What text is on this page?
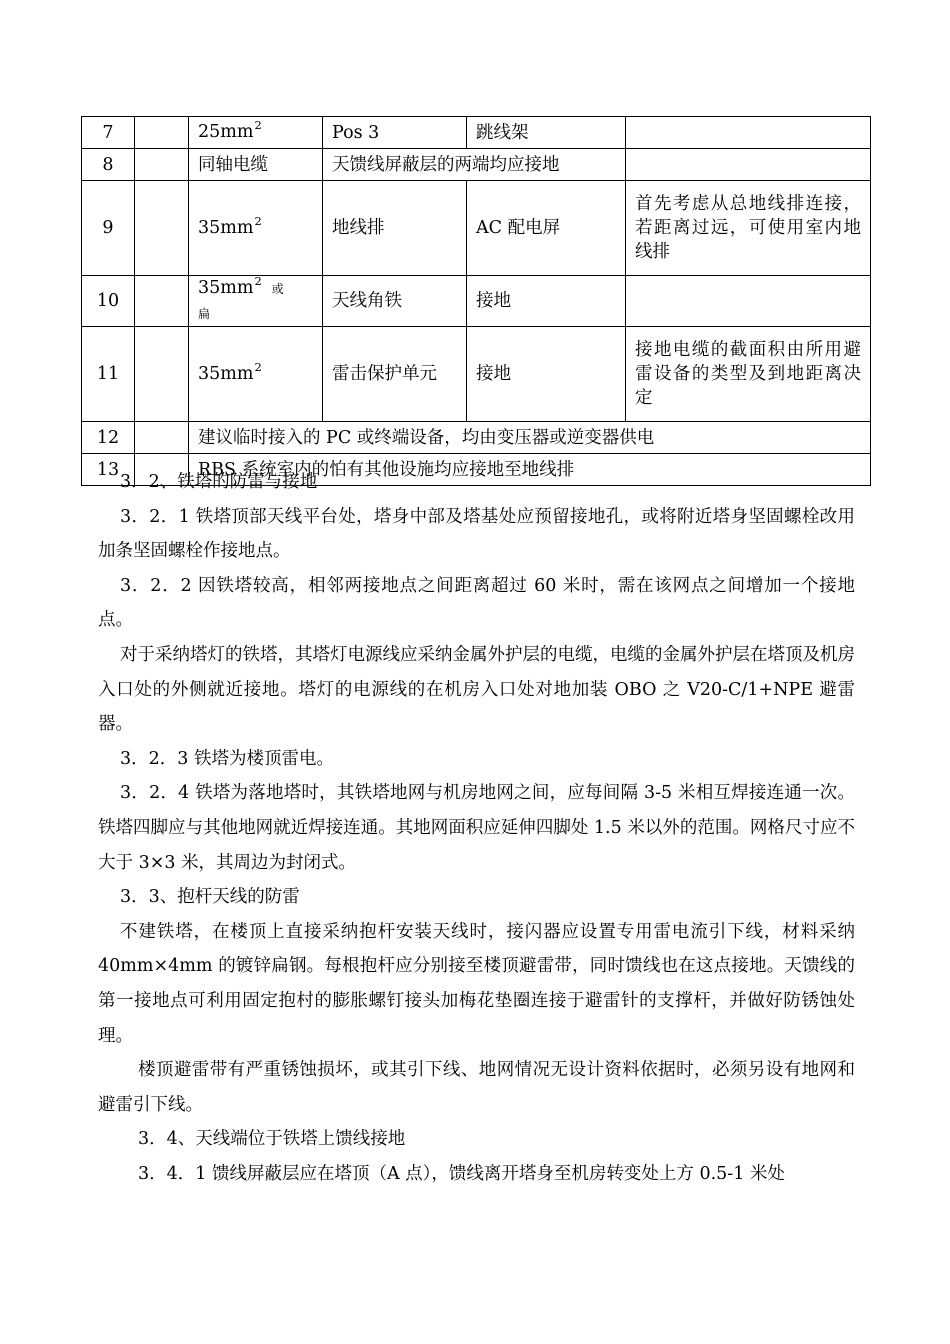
7		$25mm^2$	Pos 3	跳线架	
8		同轴电缆	天馈线屏蔽层的两端均应接地		
9		$35mm^2$	地线排	AC 配电屏	首先考虑从总地线排连接，若距离过远，可使用室内地线排
10		$35mm^2$或 扁	天线角铁	接地	
11		$35mm^2$	雷击保护单元	接地	接地电缆的截面积由所用避雷设备的类型及到地距离决定
12		建议临时接入的 PC 或终端设备，均由变压器或逆变器供电			
13		RBS 系统室内的怕有其他设施均应接地至地线排			

3．2、铁塔的防雷与接地

3．2．1 铁塔顶部天线平台处，塔身中部及塔基处应预留接地孔，或将附近塔身坚固螺栓改用加条坚固螺栓作接地点。

3．2．2 因铁塔较高，相邻两接地点之间距离超过 60 米时，需在该网点之间增加一个接地点。

对于采纳塔灯的铁塔，其塔灯电源线应采纳金属外护层的电缆，电缆的金属外护层在塔顶及机房入口处的外侧就近接地。塔灯的电源线的在机房入口处对地加装 OBO 之 V20-C/1+NPE 避雷器。

3．2．3 铁塔为楼顶雷电。

3．2．4 铁塔为落地塔时，其铁塔地网与机房地网之间，应每间隔 3-5 米相互焊接连通一次。铁塔四脚应与其他地网就近焊接连通。其地网面积应延伸四脚处 1.5 米以外的范围。网格尺寸应不大于 3×3 米，其周边为封闭式。

3．3、抱杆天线的防雷

不建铁塔，在楼顶上直接采纳抱杆安装天线时，接闪器应设置专用雷电流引下线，材料采纳 40mm×4mm 的镀锌扁钢。每根抱杆应分别接至楼顶避雷带，同时馈线也在这点接地。天馈线的第一接地点可利用固定抱村的膨胀螺钉接头加梅花垫圈连接于避雷针的支撑杆，并做好防锈蚀处理。

楼顶避雷带有严重锈蚀损坏，或其引下线、地网情况无设计资料依据时，必须另设有地网和避雷引下线。

3．4、天线端位于铁塔上馈线接地

3．4．1 馈线屏蔽层应在塔顶（A 点），馈线离开塔身至机房转变处上方 0.5-1 米处
